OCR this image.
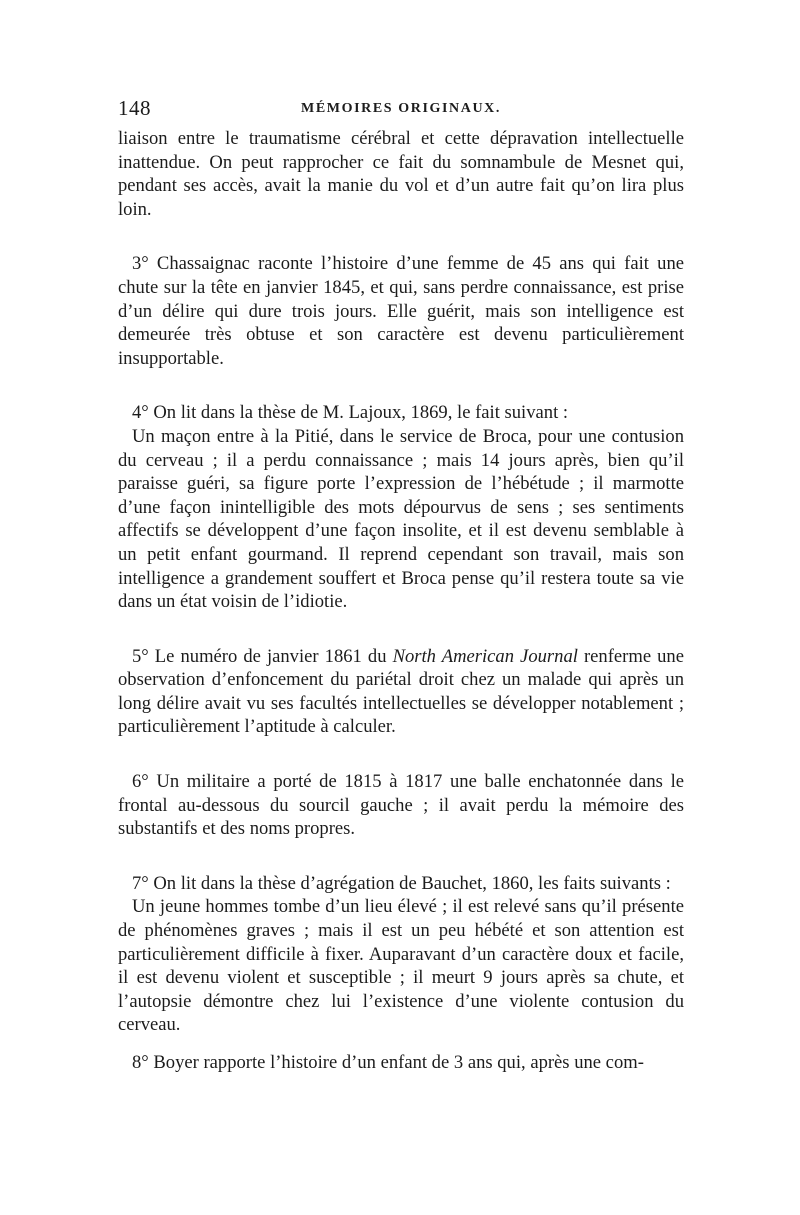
148	MÉMOIRES ORIGINAUX.

liaison entre le traumatisme cérébral et cette dépravation intellectuelle inattendue. On peut rapprocher ce fait du somnambule de Mesnet qui, pendant ses accès, avait la manie du vol et d’un autre fait qu’on lira plus loin.

3° Chassaignac raconte l’histoire d’une femme de 45 ans qui fait une chute sur la tête en janvier 1845, et qui, sans perdre connaissance, est prise d’un délire qui dure trois jours. Elle guérit, mais son intelligence est demeurée très obtuse et son caractère est devenu particulièrement insupportable.

4° On lit dans la thèse de M. Lajoux, 1869, le fait suivant :

Un maçon entre à la Pitié, dans le service de Broca, pour une contusion du cerveau ; il a perdu connaissance ; mais 14 jours après, bien qu’il paraisse guéri, sa figure porte l’expression de l’hébétude ; il marmotte d’une façon inintelligible des mots dépourvus de sens ; ses sentiments affectifs se développent d’une façon insolite, et il est devenu semblable à un petit enfant gourmand. Il reprend cependant son travail, mais son intelligence a grandement souffert et Broca pense qu’il restera toute sa vie dans un état voisin de l’idiotie.

5° Le numéro de janvier 1861 du North American Journal renferme une observation d’enfoncement du pariétal droit chez un malade qui après un long délire avait vu ses facultés intellectuelles se développer notablement ; particulièrement l’aptitude à calculer.

6° Un militaire a porté de 1815 à 1817 une balle enchatonnée dans le frontal au-dessous du sourcil gauche ; il avait perdu la mémoire des substantifs et des noms propres.

7° On lit dans la thèse d’agrégation de Bauchet, 1860, les faits suivants :

Un jeune hommes tombe d’un lieu élevé ; il est relevé sans qu’il présente de phénomènes graves ; mais il est un peu hébété et son attention est particulièrement difficile à fixer. Auparavant d’un caractère doux et facile, il est devenu violent et susceptible ; il meurt 9 jours après sa chute, et l’autopsie démontre chez lui l’existence d’une violente contusion du cerveau.

8° Boyer rapporte l’histoire d’un enfant de 3 ans qui, après une com-
